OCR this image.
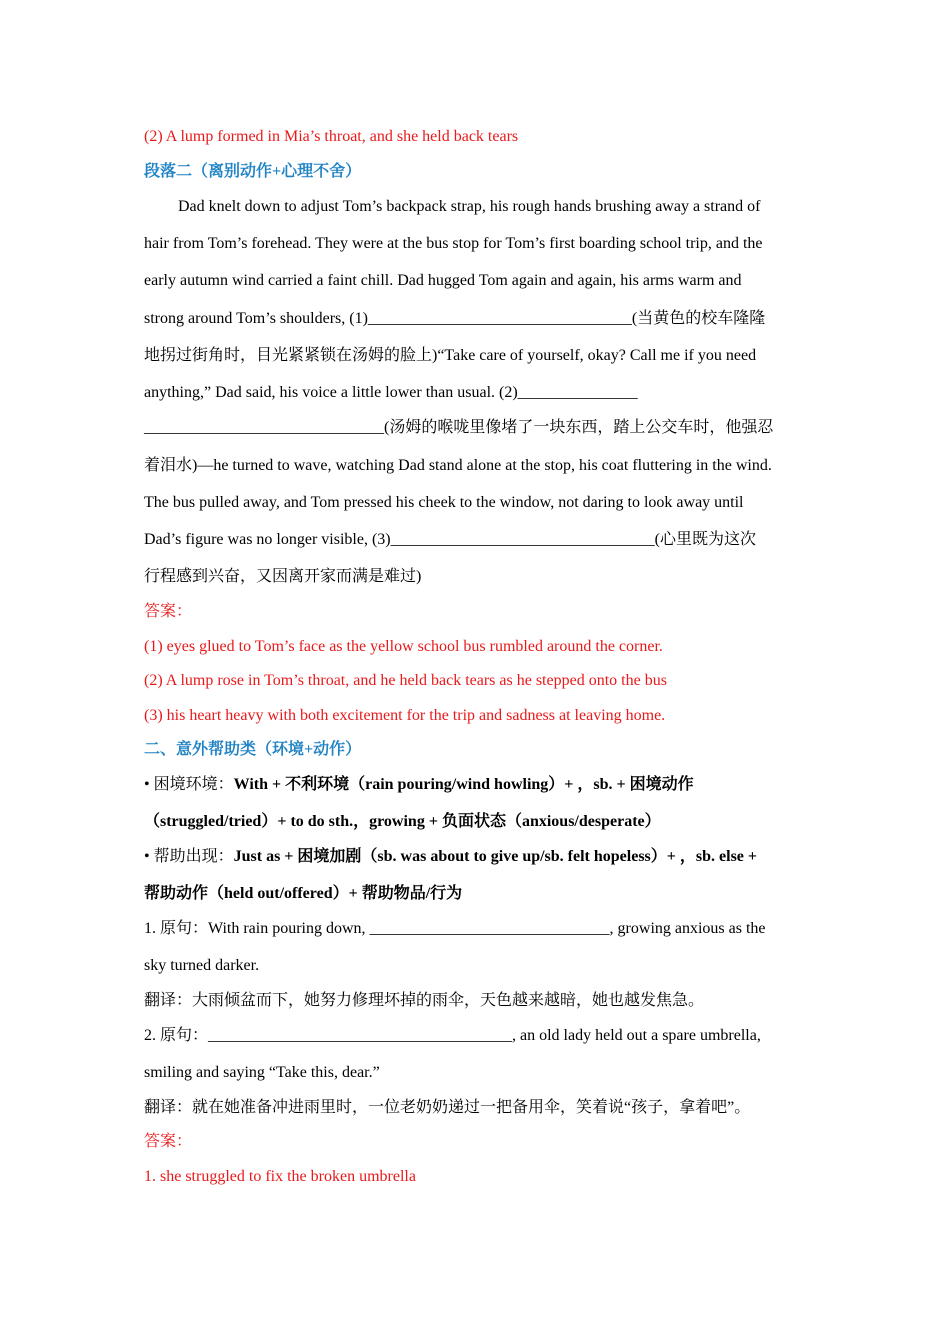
(2) A lump formed in Mia’s throat, and she held back tears
段落二（离别动作+心理不舍）
Dad knelt down to adjust Tom’s backpack strap, his rough hands brushing away a strand of
hair from Tom’s forehead. They were at the bus stop for Tom’s first boarding school trip, and the
early autumn wind carried a faint chill. Dad hugged Tom again and again, his arms warm and
strong around Tom’s shoulders, (1)_________________________________(当黄色的校车隆隆
地拐过街角时，目光紧紧锁在汤姆的脸上)“Take care of yourself, okay? Call me if you need
anything,” Dad said, his voice a little lower than usual. (2)_______________
______________________________(汤姆的喉咙里像堵了一块东西，踏上公交车时，他强忍
着泪水)—he turned to wave, watching Dad stand alone at the stop, his coat fluttering in the wind.
The bus pulled away, and Tom pressed his cheek to the window, not daring to look away until
Dad’s figure was no longer visible, (3)_________________________________(心里既为这次
行程感到兴奋，又因离开家而满是难过)
答案：
(1) eyes glued to Tom’s face as the yellow school bus rumbled around the corner.
(2) A lump rose in Tom’s throat, and he held back tears as he stepped onto the bus
(3) his heart heavy with both excitement for the trip and sadness at leaving home.
二、意外帮助类（环境+动作）
• 困境环境：With + 不利环境（rain pouring/wind howling）+ ，sb. + 困境动作
（struggled/tried）+ to do sth.，growing + 负面状态（anxious/desperate）
• 帮助出现：Just as + 困境加剧（sb. was about to give up/sb. felt hopeless）+ ，sb. else +
帮助动作（held out/offered）+ 帮助物品/行为
1. 原句：With rain pouring down, ______________________________, growing anxious as the
sky turned darker.
翻译：大雨倾盆而下，她努力修理坏掉的雨伞，天色越来越暗，她也越发焦急。
2. 原句：______________________________________, an old lady held out a spare umbrella,
smiling and saying “Take this, dear.”
翻译：就在她准备冲进雨里时，一位老奶奶递过一把备用伞，笑着说“孩子，拿着吧”。
答案：
1. she struggled to fix the broken umbrella
